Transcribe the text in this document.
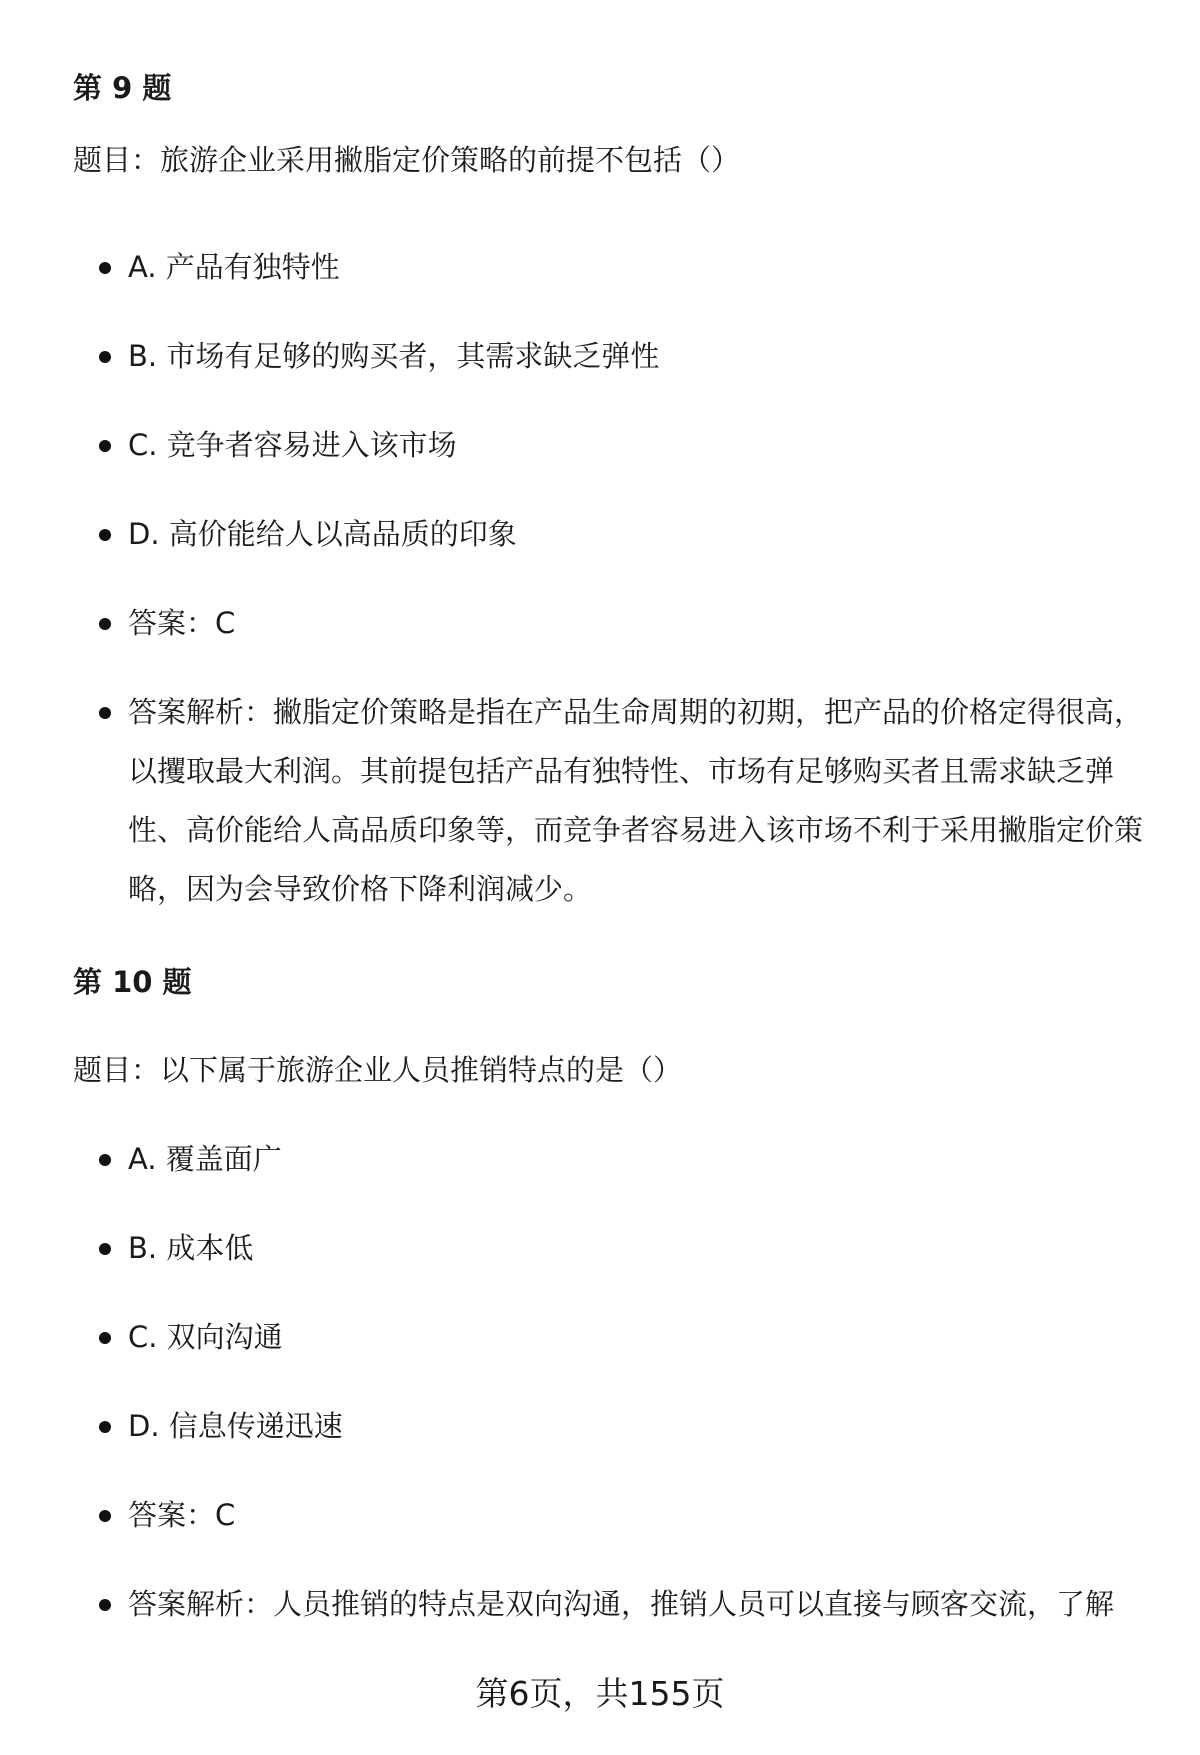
第 9 题

题目：旅游企业采用撇脂定价策略的前提不包括（）

A. 产品有独特性
B. 市场有足够的购买者，其需求缺乏弹性
C. 竞争者容易进入该市场
D. 高价能给人以高品质的印象
答案：C
答案解析：撇脂定价策略是指在产品生命周期的初期，把产品的价格定得很高，以攫取最大利润。其前提包括产品有独特性、市场有足够购买者且需求缺乏弹性、高价能给人高品质印象等，而竞争者容易进入该市场不利于采用撇脂定价策略，因为会导致价格下降利润减少。
第 10 题

题目：以下属于旅游企业人员推销特点的是（）

A. 覆盖面广
B. 成本低
C. 双向沟通
D. 信息传递迅速
答案：C
答案解析：人员推销的特点是双向沟通，推销人员可以直接与顾客交流，了解

第6页，共155页
